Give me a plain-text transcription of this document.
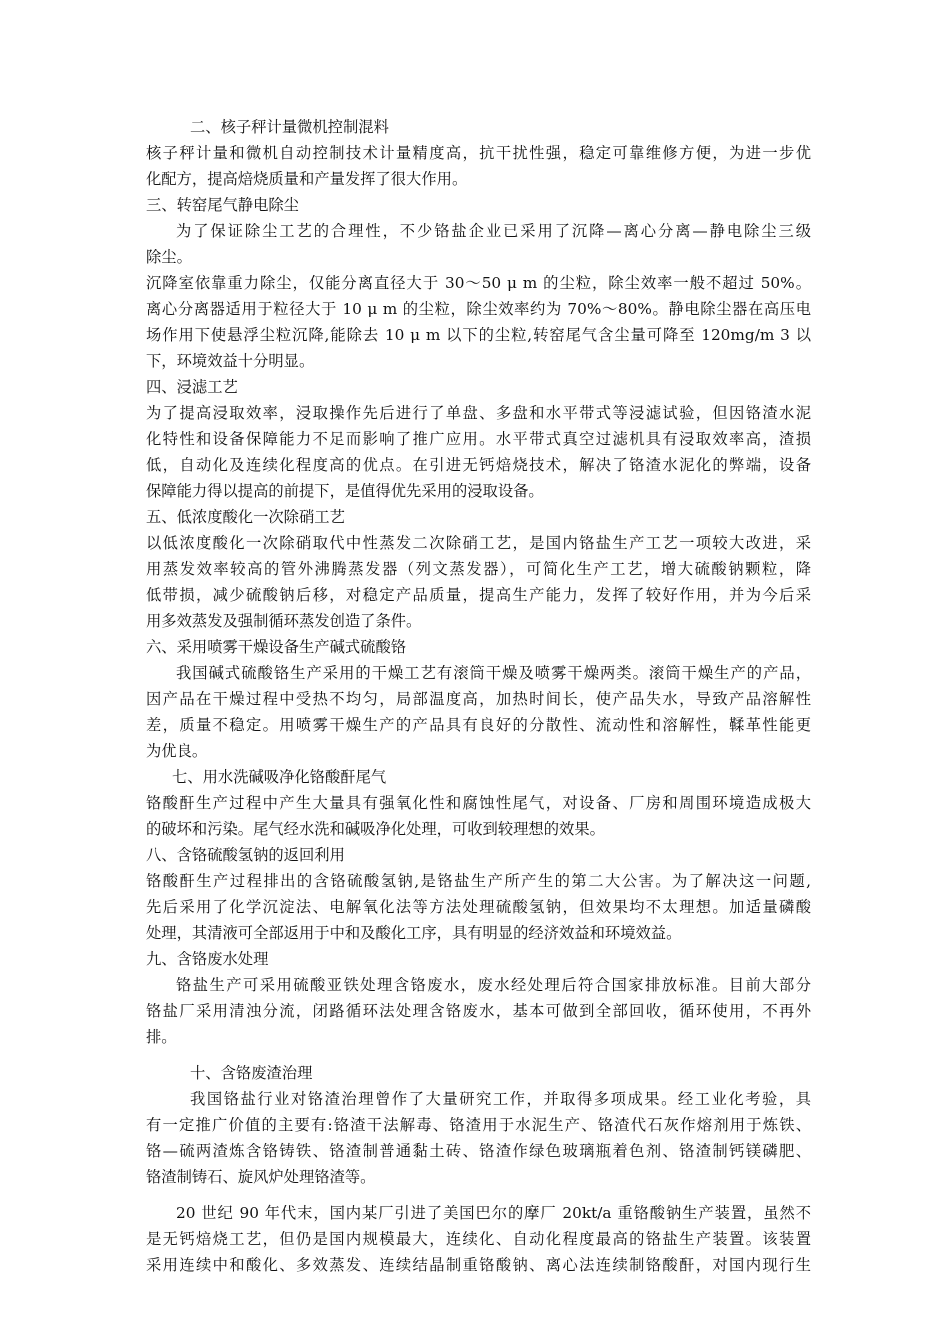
二、核子秤计量微机控制混料
核子秤计量和微机自动控制技术计量精度高，抗干扰性强，稳定可靠维修方便，为进一步优
化配方，提高焙烧质量和产量发挥了很大作用。
三、转窑尾气静电除尘
为了保证除尘工艺的合理性，不少铬盐企业已采用了沉降—离心分离—静电除尘三级
除尘。
沉降室依靠重力除尘，仅能分离直径大于 30～50 μ m 的尘粒，除尘效率一般不超过 50%。
离心分离器适用于粒径大于 10 μ m 的尘粒，除尘效率约为 70%～80%。静电除尘器在高压电
场作用下使悬浮尘粒沉降,能除去 10 μ m 以下的尘粒,转窑尾气含尘量可降至 120mg/m 3 以
下，环境效益十分明显。
四、浸滤工艺
为了提高浸取效率，浸取操作先后进行了单盘、多盘和水平带式等浸滤试验，但因铬渣水泥
化特性和设备保障能力不足而影响了推广应用。水平带式真空过滤机具有浸取效率高，渣损
低，自动化及连续化程度高的优点。在引进无钙焙烧技术，解决了铬渣水泥化的弊端，设备
保障能力得以提高的前提下，是值得优先采用的浸取设备。
五、低浓度酸化一次除硝工艺
以低浓度酸化一次除硝取代中性蒸发二次除硝工艺，是国内铬盐生产工艺一项较大改进，采
用蒸发效率较高的管外沸腾蒸发器（列文蒸发器），可简化生产工艺，增大硫酸钠颗粒，降
低带损，减少硫酸钠后移，对稳定产品质量，提高生产能力，发挥了较好作用，并为今后采
用多效蒸发及强制循环蒸发创造了条件。
六、采用喷雾干燥设备生产碱式硫酸铬
我国碱式硫酸铬生产采用的干燥工艺有滚筒干燥及喷雾干燥两类。滚筒干燥生产的产品，
因产品在干燥过程中受热不均匀，局部温度高，加热时间长，使产品失水，导致产品溶解性
差，质量不稳定。用喷雾干燥生产的产品具有良好的分散性、流动性和溶解性，鞣革性能更
为优良。
七、用水洗碱吸净化铬酸酐尾气
铬酸酐生产过程中产生大量具有强氧化性和腐蚀性尾气，对设备、厂房和周围环境造成极大
的破坏和污染。尾气经水洗和碱吸净化处理，可收到较理想的效果。
八、含铬硫酸氢钠的返回利用
铬酸酐生产过程排出的含铬硫酸氢钠,是铬盐生产所产生的第二大公害。为了解决这一问题,
先后采用了化学沉淀法、电解氧化法等方法处理硫酸氢钠，但效果均不太理想。加适量磷酸
处理，其清液可全部返用于中和及酸化工序，具有明显的经济效益和环境效益。
九、含铬废水处理
铬盐生产可采用硫酸亚铁处理含铬废水，废水经处理后符合国家排放标准。目前大部分
铬盐厂采用清浊分流，闭路循环法处理含铬废水，基本可做到全部回收，循环使用，不再外
排。
十、含铬废渣治理
我国铬盐行业对铬渣治理曾作了大量研究工作，并取得多项成果。经工业化考验，具
有一定推广价值的主要有:铬渣干法解毒、铬渣用于水泥生产、铬渣代石灰作熔剂用于炼铁、
铬—硫两渣炼含铬铸铁、铬渣制普通黏土砖、铬渣作绿色玻璃瓶着色剂、铬渣制钙镁磷肥、
铬渣制铸石、旋风炉处理铬渣等。
20 世纪 90 年代末，国内某厂引进了美国巴尔的摩厂 20kt/a 重铬酸钠生产装置，虽然不
是无钙焙烧工艺，但仍是国内规模最大，连续化、自动化程度最高的铬盐生产装置。该装置
采用连续中和酸化、多效蒸发、连续结晶制重铬酸钠、离心法连续制铬酸酐，对国内现行生
